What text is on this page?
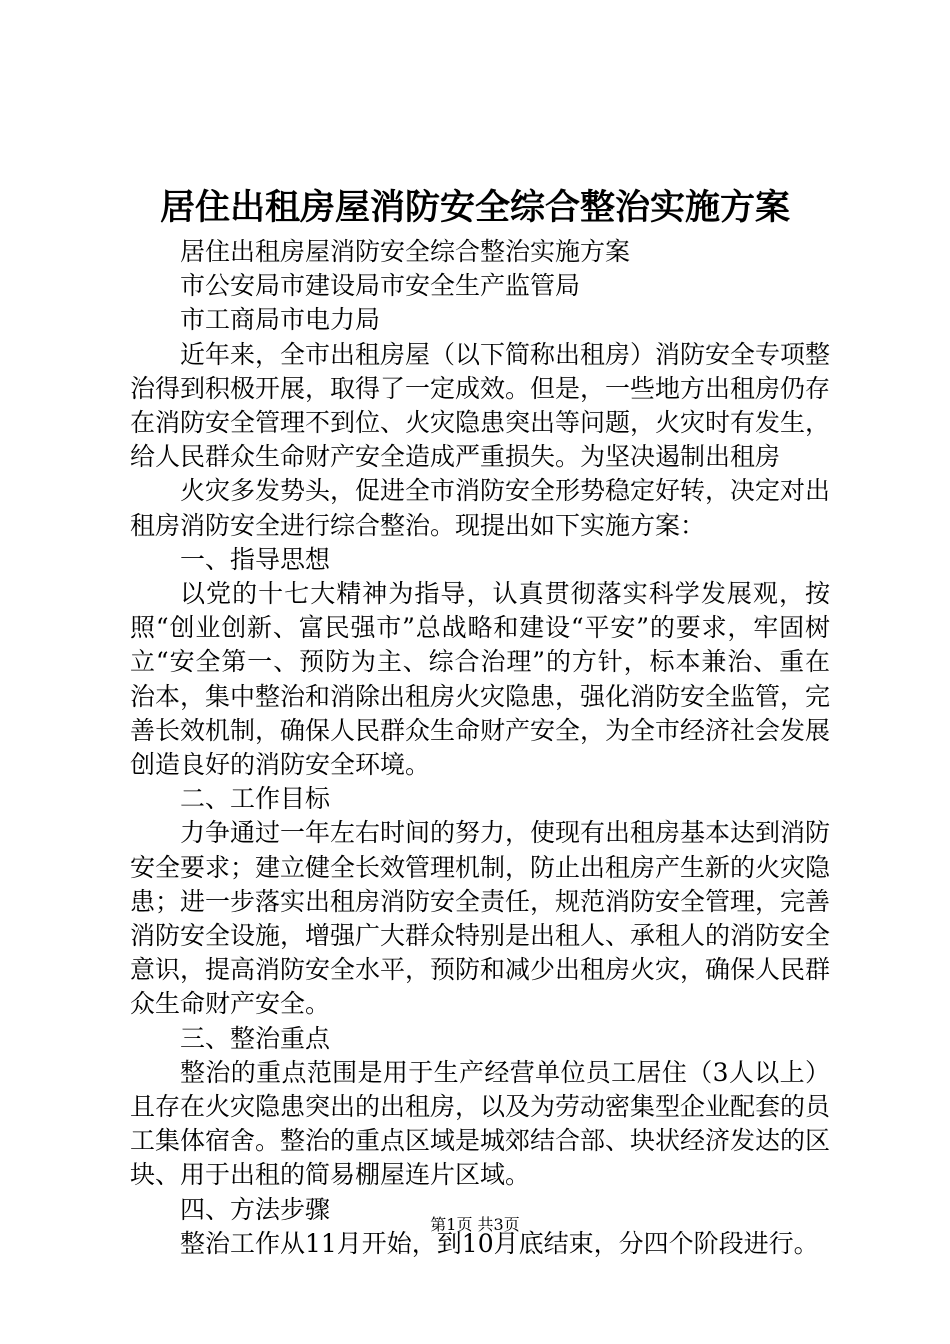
居住出租房屋消防安全综合整治实施方案

居住出租房屋消防安全综合整治实施方案

市公安局市建设局市安全生产监管局

市工商局市电力局

近年来，全市出租房屋（以下简称出租房）消防安全专项整治得到积极开展，取得了一定成效。但是，一些地方出租房仍存在消防安全管理不到位、火灾隐患突出等问题，火灾时有发生，给人民群众生命财产安全造成严重损失。为坚决遏制出租房

火灾多发势头，促进全市消防安全形势稳定好转，决定对出租房消防安全进行综合整治。现提出如下实施方案：

一、指导思想

以党的十七大精神为指导，认真贯彻落实科学发展观，按照“创业创新、富民强市”总战略和建设“平安”的要求，牢固树立“安全第一、预防为主、综合治理”的方针，标本兼治、重在治本，集中整治和消除出租房火灾隐患，强化消防安全监管，完善长效机制，确保人民群众生命财产安全，为全市经济社会发展创造良好的消防安全环境。

二、工作目标

力争通过一年左右时间的努力，使现有出租房基本达到消防安全要求；建立健全长效管理机制，防止出租房产生新的火灾隐患；进一步落实出租房消防安全责任，规范消防安全管理，完善消防安全设施，增强广大群众特别是出租人、承租人的消防安全意识，提高消防安全水平，预防和减少出租房火灾，确保人民群众生命财产安全。

三、整治重点

整治的重点范围是用于生产经营单位员工居住（3人以上）且存在火灾隐患突出的出租房，以及为劳动密集型企业配套的员工集体宿舍。整治的重点区域是城郊结合部、块状经济发达的区块、用于出租的简易棚屋连片区域。

四、方法步骤

整治工作从11月开始，到10月底结束，分四个阶段进行。

第1页 共3页
